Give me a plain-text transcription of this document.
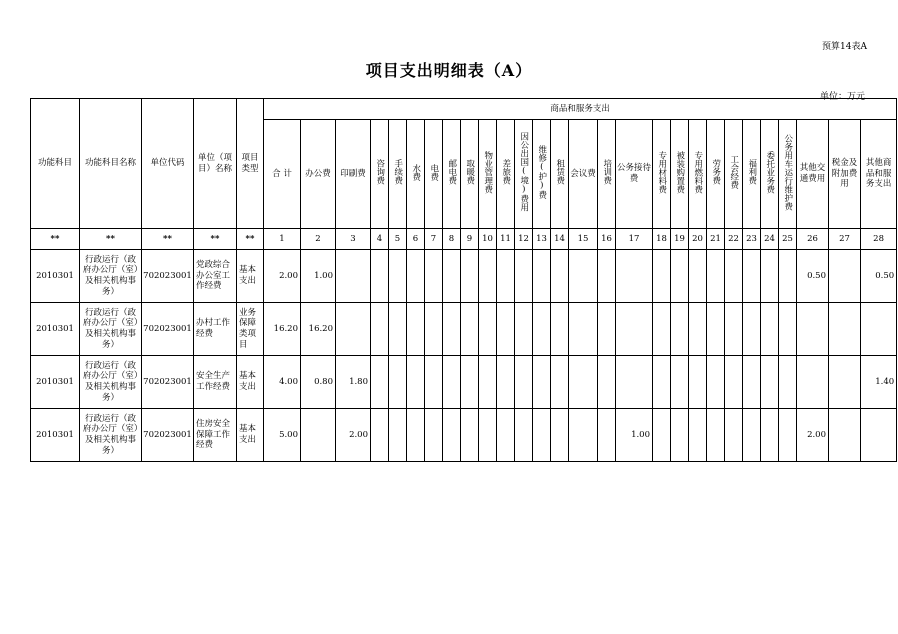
预算14表A
项目支出明细表（A）
单位：万元
功能科目	功能科目名称	单位代码	单位（项目）名称	项目类型	商品和服务支出																											

					合 计	办公费	印刷费	咨询费	手续费	水费	电费	邮电费	取暖费	物业管理费	差旅费	因公出国(境)费用	维修(护)费	租赁费	会议费	培训费	公务接待费	专用材料费	被装购置费	专用燃料费	劳务费	工会经费	福利费	委托业务费	公务用车运行维护费	其他交通费用	税金及附加费用	其他商品和服务支出

**	**	**	**	**	1	2	3	4	5	6	7	8	9	10	11	12	13	14	15	16	17	18	19	20	21	22	23	24	25	26	27	28

2010301	行政运行（政府办公厅（室）及相关机构事务）	702023001	党政综合办公室工作经费	基本支出	2.00	1.00																								0.50		0.50

2010301	行政运行（政府办公厅（室）及相关机构事务）	702023001	办村工作经费	业务保障类项目	16.20	16.20																										

2010301	行政运行（政府办公厅（室）及相关机构事务）	702023001	安全生产工作经费	基本支出	4.00	0.80	1.80																									1.40

2010301	行政运行（政府办公厅（室）及相关机构事务）	702023001	住房安全保障工作经费	基本支出	5.00		2.00														1.00									2.00		
